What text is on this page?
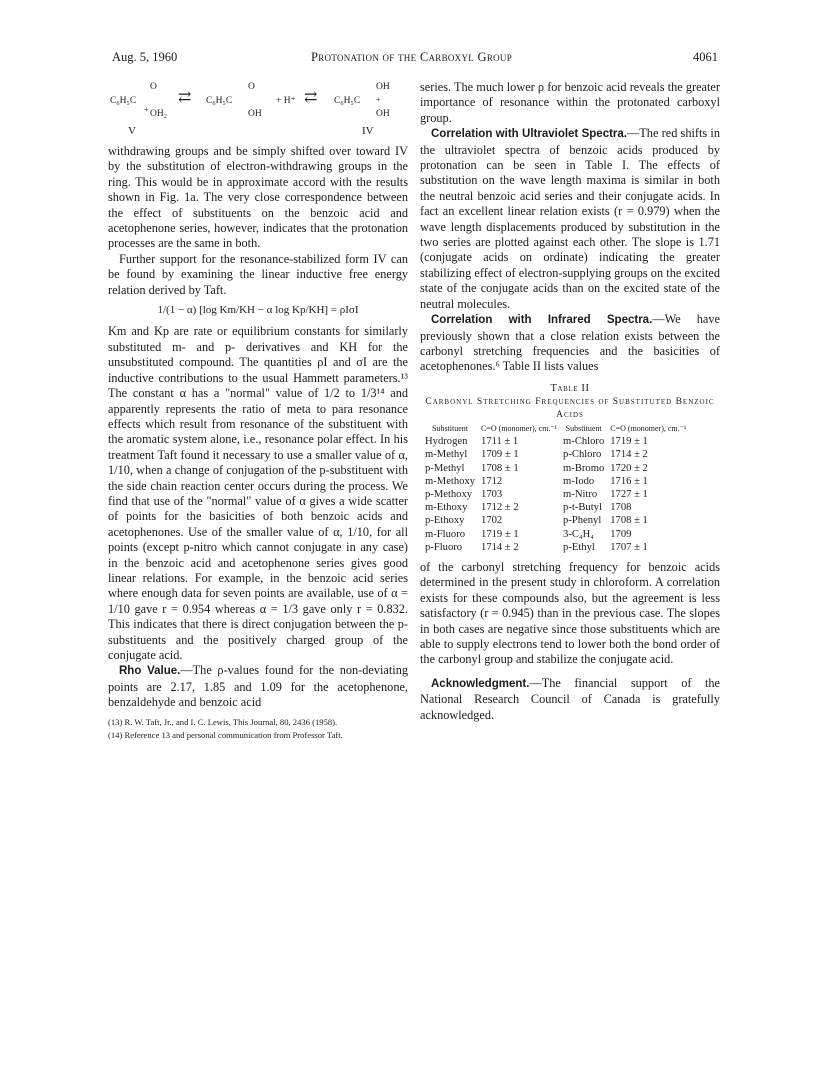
Aug. 5, 1960	Protonation of the Carboxyl Group	4061
C₆H₅C
O
+ OH₂
V
⇄ C₆H₅C
O
OH
+ H⁺ ⇄ C₆H₅C
OH
+
OH
IV

withdrawing groups and be simply shifted over toward IV by the substitution of electron-withdrawing groups in the ring. This would be in approximate accord with the results shown in Fig. 1a. The very close correspondence between the effect of substituents on the benzoic acid and acetophenone series, however, indicates that the protonation processes are the same in both.

Further support for the resonance-stabilized form IV can be found by examining the linear inductive free energy relation derived by Taft.

1/(1 − α) [log Km/KH − α log Kp/KH] = ρIσI

Km and Kp are rate or equilibrium constants for similarly substituted m- and p- derivatives and KH for the unsubstituted compound. The quantities ρI and σI are the inductive contributions to the usual Hammett parameters.¹³ The constant α has a "normal" value of 1/2 to 1/3¹⁴ and apparently represents the ratio of meta to para resonance effects which result from resonance of the substituent with the aromatic system alone, i.e., resonance polar effect. In his treatment Taft found it necessary to use a smaller value of α, 1/10, when a change of conjugation of the p-substituent with the side chain reaction center occurs during the process. We find that use of the "normal" value of α gives a wide scatter of points for the basicities of both benzoic acids and acetophenones. Use of the smaller value of α, 1/10, for all points (except p-nitro which cannot conjugate in any case) in the benzoic acid and acetophenone series gives good linear relations. For example, in the benzoic acid series where enough data for seven points are available, use of α = 1/10 gave r = 0.954 whereas α = 1/3 gave only r = 0.832. This indicates that there is direct conjugation between the p- substituents and the positively charged group of the conjugate acid.

Rho Value.—The ρ-values found for the non-deviating points are 2.17, 1.85 and 1.09 for the acetophenone, benzaldehyde and benzoic acid

(13) R. W. Taft, Jr., and I. C. Lewis, This Journal, 80, 2436 (1958).
(14) Reference 13 and personal communication from Professor Taft.

series. The much lower ρ for benzoic acid reveals the greater importance of resonance within the protonated carboxyl group.

Correlation with Ultraviolet Spectra.—The red shifts in the ultraviolet spectra of benzoic acids produced by protonation can be seen in Table I. The effects of substitution on the wave length maxima is similar in both the neutral benzoic acid series and their conjugate acids. In fact an excellent linear relation exists (r = 0.979) when the wave length displacements produced by substitution in the two series are plotted against each other. The slope is 1.71 (conjugate acids on ordinate) indicating the greater stabilizing effect of electron-supplying groups on the excited state of the conjugate acids than on the excited state of the neutral molecules.

Correlation with Infrared Spectra.—We have previously shown that a close relation exists between the carbonyl stretching frequencies and the basicities of acetophenones.⁶ Table II lists values

Table II
Carbonyl Stretching Frequencies of Substituted Benzoic Acids
Substituent	C=O (monomer), cm.⁻¹	Substituent	C=O (monomer), cm.⁻¹
Hydrogen	1711 ± 1	m-Chloro	1719 ± 1
m-Methyl	1709 ± 1	p-Chloro	1714 ± 2
p-Methyl	1708 ± 1	m-Bromo	1720 ± 2
m-Methoxy	1712	m-Iodo	1716 ± 1
p-Methoxy	1703	m-Nitro	1727 ± 1
m-Ethoxy	1712 ± 2	p-t-Butyl	1708
p-Ethoxy	1702	p-Phenyl	1708 ± 1
m-Fluoro	1719 ± 1	3-C₄H₄	1709
p-Fluoro	1714 ± 2	p-Ethyl	1707 ± 1

of the carbonyl stretching frequency for benzoic acids determined in the present study in chloroform. A correlation exists for these compounds also, but the agreement is less satisfactory (r = 0.945) than in the previous case. The slopes in both cases are negative since those substituents which are able to supply electrons tend to lower both the bond order of the carbonyl group and stabilize the conjugate acid.

Acknowledgment.—The financial support of the National Research Council of Canada is gratefully acknowledged.
